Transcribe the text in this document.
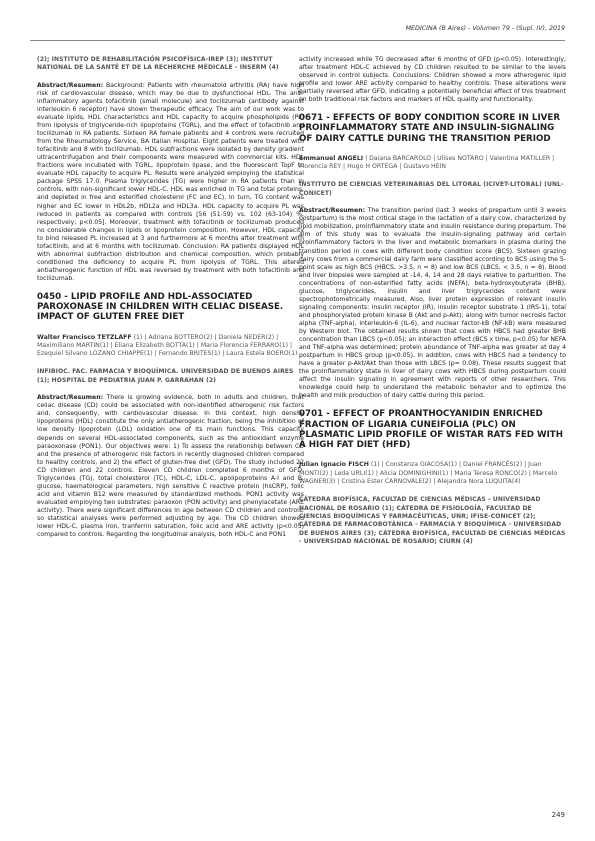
MEDICINA (B Aires) - Volumen 79 - (Supl. IV), 2019
(2); INSTITUTO DE REHABILITACIÓN PSICOFÍSICA-IREP (3); INSTITUT NATIONAL DE LA SANTÉ ET DE LA RECHERCHE MÉDICALE - INSERM (4)

Abstract/Resumen: Background: Patients with rheumatoid arthritis (RA) have high risk of cardiovascular disease, which may be due to dysfunctional HDL. The anti-inflammatory agents tofacitinib (small molecule) and tocilizumab (antibody against interleukin 6 receptor) have shown therapeutic efficacy. The aim of our work was to evaluate lipids, HDL characteristics and HDL capacity to acquire phospholipids (PL) from lipolysis of triglyceride-rich lipoproteins (TGRL), and the effect of tofacitinib and tocilizumab in RA patients. Sixteen RA female patients and 4 controls were recruited from the Rheumatology Service, BA Italian Hospital. Eight patients were treated with tofacitinib and 8 with tocilizumab. HDL subfractions were isolated by density gradient ultracentrifugation and their components were measured with commercial kits. HDL fractions were incubated with TGRL, lipoprotein lipase, and the fluorescent TopF to evaluate HDL capacity to acquire PL. Results were analyzed employing the statistical package SPSS 17.0. Plasma triglycerides (TG) were higher in RA patients than in controls, with non-significant lower HDL-C. HDL was enriched in TG and total proteins, and depleted in free and esterified cholesterol (FC and EC). In turn, TG content was higher and EC lower in HDL2b, HDL2a and HDL3a. HDL capacity to acquire PL was reduced in patients as compared with controls [56 (51-59) vs. 102 (63-104) %, respectively; p<0.05]. Moreover, treatment with tofacitinib or tocilizumab produced no considerable changes in lipids or lipoprotein composition. However, HDL capacity to bind released PL increased at 3 and furthermore at 6 months after treatment with tofacitinib, and at 6 months with tocilizumab. Conclusion: RA patients displayed HDL with abnormal subfraction distribution and chemical composition, which probably conditioned the deficiency to acquire PL from lipolysis of TGRL. This altered antiatherogenic function of HDL was reversed by treatment with both tofacitinib and tocilizumab.

0450 - LIPID PROFILE AND HDL-ASSOCIATED PAROXONASE IN CHILDREN WITH CELIAC DISEASE. IMPACT OF GLUTEN FREE DIET
Walter Francisco TETZLAFF (1) | Adriana BOTTERO(2) | Daniela NEDER(2) | Maximiliano MARTIN(1) | Eliana Elizabeth BOTTA(1) | Maria Florencia FERRARO(1) | Ezequiel Silvano LOZANO CHIAPPE(1) | Fernando BRITES(1) | Laura Estela BOERO(1)
INFIBIOC. FAC. FARMACIA Y BIOQUÍMICA. UNIVERSIDAD DE BUENOS AIRES (1); HOSPITAL DE PEDIATRIA JUAN P. GARRAHAN (2)

Abstract/Resumen: There is growing evidence, both in adults and children, that celiac disease (CD) could be associated with non-identified atherogenic risk factors and, consequently, with cardiovascular disease. In this context, high density lipoproteins (HDL) constitute the only antiatherogenic fraction, being the inhibition of low density lipoprotein (LDL) oxidation one of its main functions. This capacity depends on several HDL-associated components, such as the antioxidant enzyme paraoxonase (PON1). Our objectives were: 1) To assess the relationship between CD and the presence of atherogenic risk factors in recently diagnosed children compared to healthy controls, and 2) the effect of gluten-free diet (GFD). The study included 22 CD children and 22 controls. Eleven CD children completed 6 months of GFD. Triglycerides (TG), total cholesterol (TC), HDL-C, LDL-C, apolipoproteins A-I and B, glucose, haematological parameters, high sensitive C reactive protein (hsCRP), folic acid and vitamin B12 were measured by standardized methods. PON1 activity was evaluated employing two substrates: paraoxon (PON activity) and phenylacetate (ARE activity). There were significant differences in age between CD children and controls, so statistical analyses were performed adjusting by age. The CD children showed lower HDL-C, plasma iron, tranferrin saturation, folic acid and ARE activity (p<0.05) compared to controls. Regarding the longitudinal analysis, both HDL-C and PON1

activity increased while TG decreased after 6 months of GFD (p<0.05). Interestingly, after treatment HDL-C achieved by CD children resulted to be similar to the levels observed in control subjects. Conclusions: Children showed a more atherogenic lipid profile and lower ARE activity compared to healthy controls. These alterations were partially reversed after GFD, indicating a potentially beneficial effect of this treatment on both traditional risk factors and markers of HDL quality and functionality.

0671 - EFFECTS OF BODY CONDITION SCORE IN LIVER PROINFLAMMATORY STATE AND INSULIN-SIGNALING OF DAIRY CATTLE DURING THE TRANSITION PERIOD
Emmanuel ANGELI | Daiana BARCAROLO | Ulises NOTARO | Valentina MATILLER | Florencia REY | Hugo H ORTEGA | Gustavo HEIN
INSTITUTO DE CIENCIAS VETERINARIAS DEL LITORAL (ICIVET-LITORAL) (UNL-CONICET)

Abstract/Resumen: The transition period (last 3 weeks of prepartum until 3 weeks postpartum) is the most critical stage in the lactation of a dairy cow, characterized by lipid mobilization, proinflammatory state and insulin resistance during prepartum. The aim of this study was to evaluate the insulin-signaling pathway and certain proinflammatory factors in the liver and metabolic biomarkers in plasma during the transition period in cows with different body condition score (BCS). Sixteen grazing dairy cows from a commercial dairy farm were classified according to BCS using the 5-point scale as high BCS (HBCS, >3.5, n = 8) and low BCS (LBCS, < 3.5, n = 8). Blood and liver biopsies were sampled at -14, 4, 14 and 28 days relative to parturition. The concentrations of non-esterified fatty acids (NEFA), beta-hydroxybutyrate (BHB), glucose, triglycerides, insulin and liver triglycerides content were spectrophotometrically measured. Also, liver protein expression of relevant insulin signaling components: insulin receptor (IR), insulin receptor substrate 1 (IRS-1), total and phosphorylated protein kinase B (Akt and p-Akt); along with tumor necrosis factor alpha (TNF-alpha), interleukin-6 (IL-6), and nuclear factor-kB (NF-kB) were measured by Western blot. The obtained results shown that cows with HBCS had greater BHB concentration than LBCS (p<0.05); an interaction effect (BCS x time, p<0.05) for NEFA and TNF-alpha was determined; protein abundance of TNF-alpha was greater at day 4 postpartum in HBCS group (p<0.05). In addition, cows with HBCS had a tendency to have a greater p-Akt/Akt than those with LBCS (p= 0.08). These results suggest that the proinflammatory state in liver of dairy cows with HBCS during postpartum could affect the insulin signaling in agreement with reports of other researchers. This knowledge could help to understand the metabolic behavior and to optimize the health and milk production of dairy cattle during this period.

0701 - EFFECT OF PROANTHOCYANIDIN ENRICHED FRACTION OF LIGARIA CUNEIFOLIA (PLC) ON PLASMATIC LIPID PROFILE OF WISTAR RATS FED WITH A HIGH FAT DIET (HFD)
Julian Ignacio FISCH (1) | Constanza GIACOSA(1) | Daniel FRANCÉS(2) | Juan MONTI(2) | Leda URLI(1) | Alicia DOMINIGHINI(1) | Maria Teresa RONCO(2) | Marcelo WAGNER(3) | Cristina Ester CARNOVALE(2) | Alejandra Nora LUQUITA(4)
CÁTEDRA BIOFÍSICA, FACULTAD DE CIENCIAS MÉDICAS - UNIVERSIDAD NACIONAL DE ROSARIO (1); CÁTEDRA DE FISIOLOGÍA, FACULTAD DE CIENCIAS BIOQUÍMICAS Y FARMACÉUTICAS, UNR; IFISE-CONICET (2); CÁTEDRA DE FARMACOBOTÁNICA - FARMACIA Y BIOQUÍMICA - UNIVERSIDAD DE BUENOS AIRES (3); CÁTEDRA BIOFÍSICA, FACULTAD DE CIENCIAS MÉDICAS - UNIVERSIDAD NACIONAL DE ROSARIO; CIURN (4)
249
